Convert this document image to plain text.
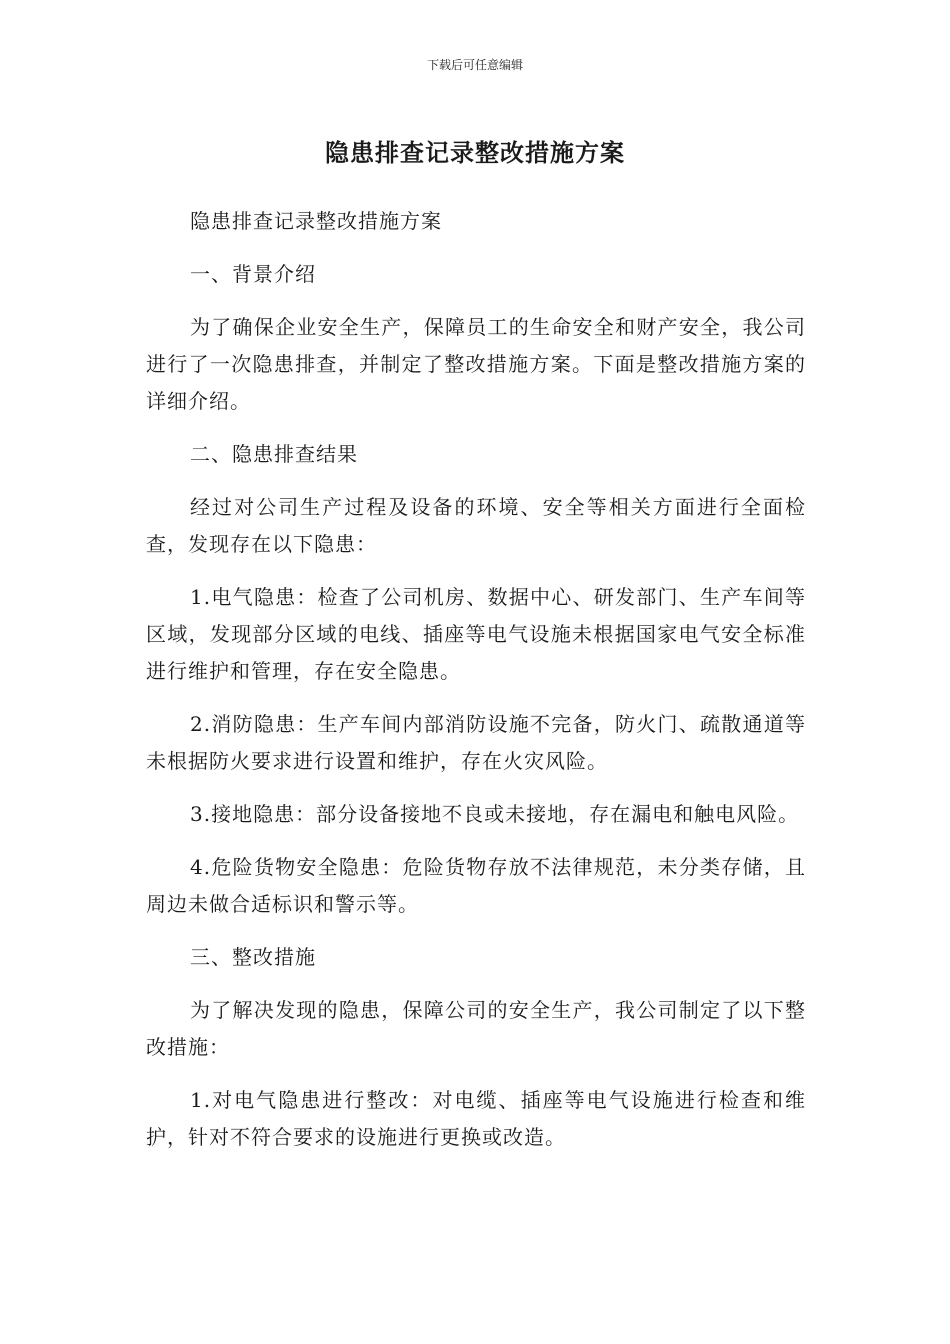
下载后可任意编辑
隐患排查记录整改措施方案

隐患排查记录整改措施方案

一、背景介绍

为了确保企业安全生产，保障员工的生命安全和财产安全，我公司进行了一次隐患排查，并制定了整改措施方案。下面是整改措施方案的详细介绍。

二、隐患排查结果

经过对公司生产过程及设备的环境、安全等相关方面进行全面检查，发现存在以下隐患：

1.电气隐患：检查了公司机房、数据中心、研发部门、生产车间等区域，发现部分区域的电线、插座等电气设施未根据国家电气安全标准进行维护和管理，存在安全隐患。

2.消防隐患：生产车间内部消防设施不完备，防火门、疏散通道等未根据防火要求进行设置和维护，存在火灾风险。

3.接地隐患：部分设备接地不良或未接地，存在漏电和触电风险。

4.危险货物安全隐患：危险货物存放不法律规范，未分类存储，且周边未做合适标识和警示等。

三、整改措施

为了解决发现的隐患，保障公司的安全生产，我公司制定了以下整改措施：

1.对电气隐患进行整改：对电缆、插座等电气设施进行检查和维护，针对不符合要求的设施进行更换或改造。
